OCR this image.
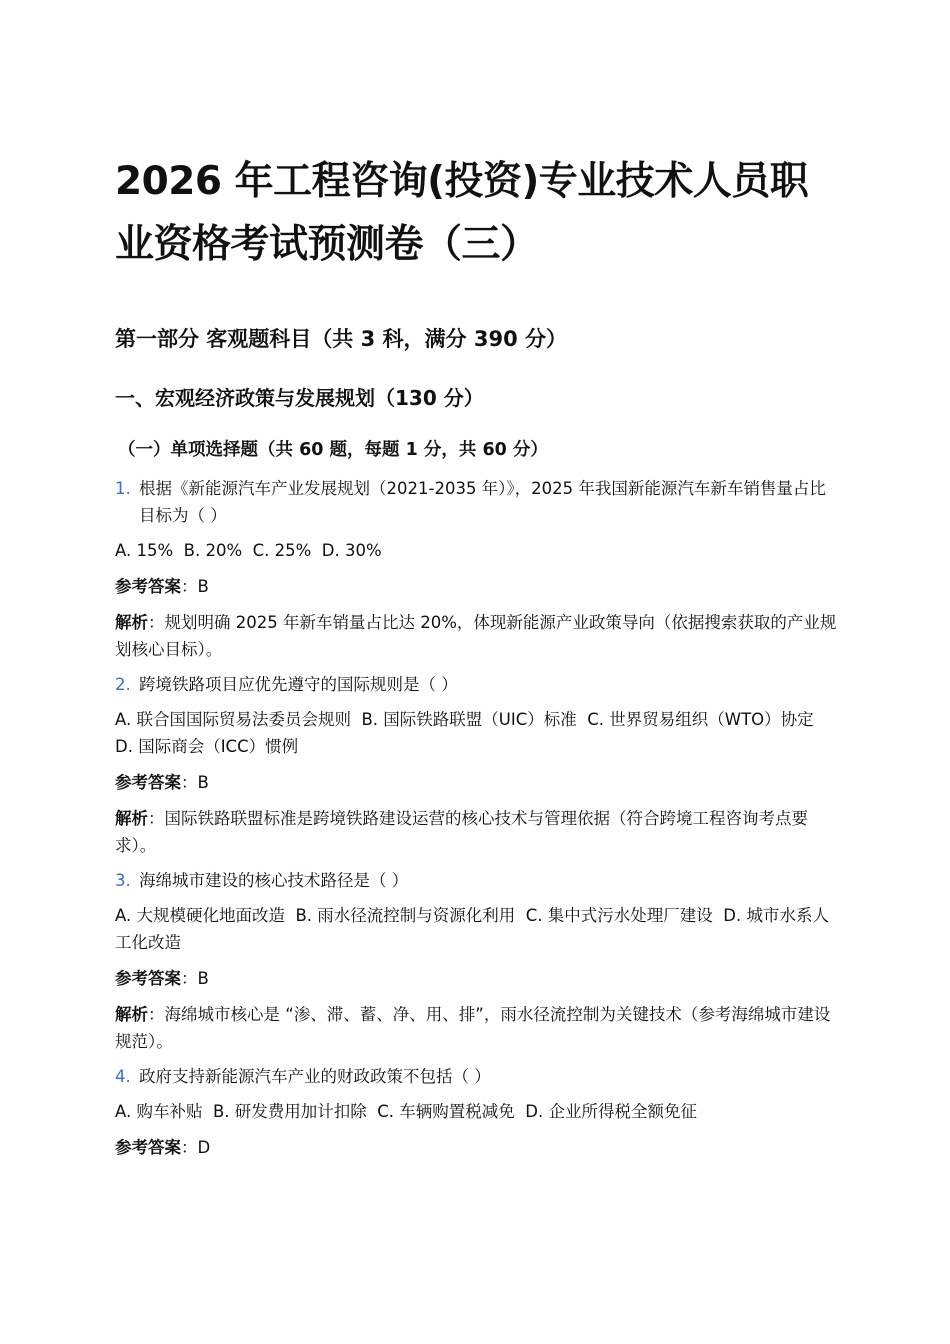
2026 年工程咨询(投资)专业技术人员职业资格考试预测卷（三）
第一部分 客观题科目（共 3 科，满分 390 分）
一、宏观经济政策与发展规划（130 分）
（一）单项选择题（共 60 题，每题 1 分，共 60 分）
1. 根据《新能源汽车产业发展规划（2021-2035 年）》，2025 年我国新能源汽车新车销售量占比目标为（ ）
A. 15%  B. 20%  C. 25%  D. 30%
参考答案：B
解析：规划明确 2025 年新车销量占比达 20%，体现新能源产业政策导向（依据搜索获取的产业规划核心目标）。
2. 跨境铁路项目应优先遵守的国际规则是（ ）
A. 联合国国际贸易法委员会规则  B. 国际铁路联盟（UIC）标准  C. 世界贸易组织（WTO）协定  D. 国际商会（ICC）惯例
参考答案：B
解析：国际铁路联盟标准是跨境铁路建设运营的核心技术与管理依据（符合跨境工程咨询考点要求）。
3. 海绵城市建设的核心技术路径是（ ）
A. 大规模硬化地面改造  B. 雨水径流控制与资源化利用  C. 集中式污水处理厂建设  D. 城市水系人工化改造
参考答案：B
解析：海绵城市核心是 “渗、滞、蓄、净、用、排”，雨水径流控制为关键技术（参考海绵城市建设规范）。
4. 政府支持新能源汽车产业的财政政策不包括（ ）
A. 购车补贴  B. 研发费用加计扣除  C. 车辆购置税减免  D. 企业所得税全额免征
参考答案：D
